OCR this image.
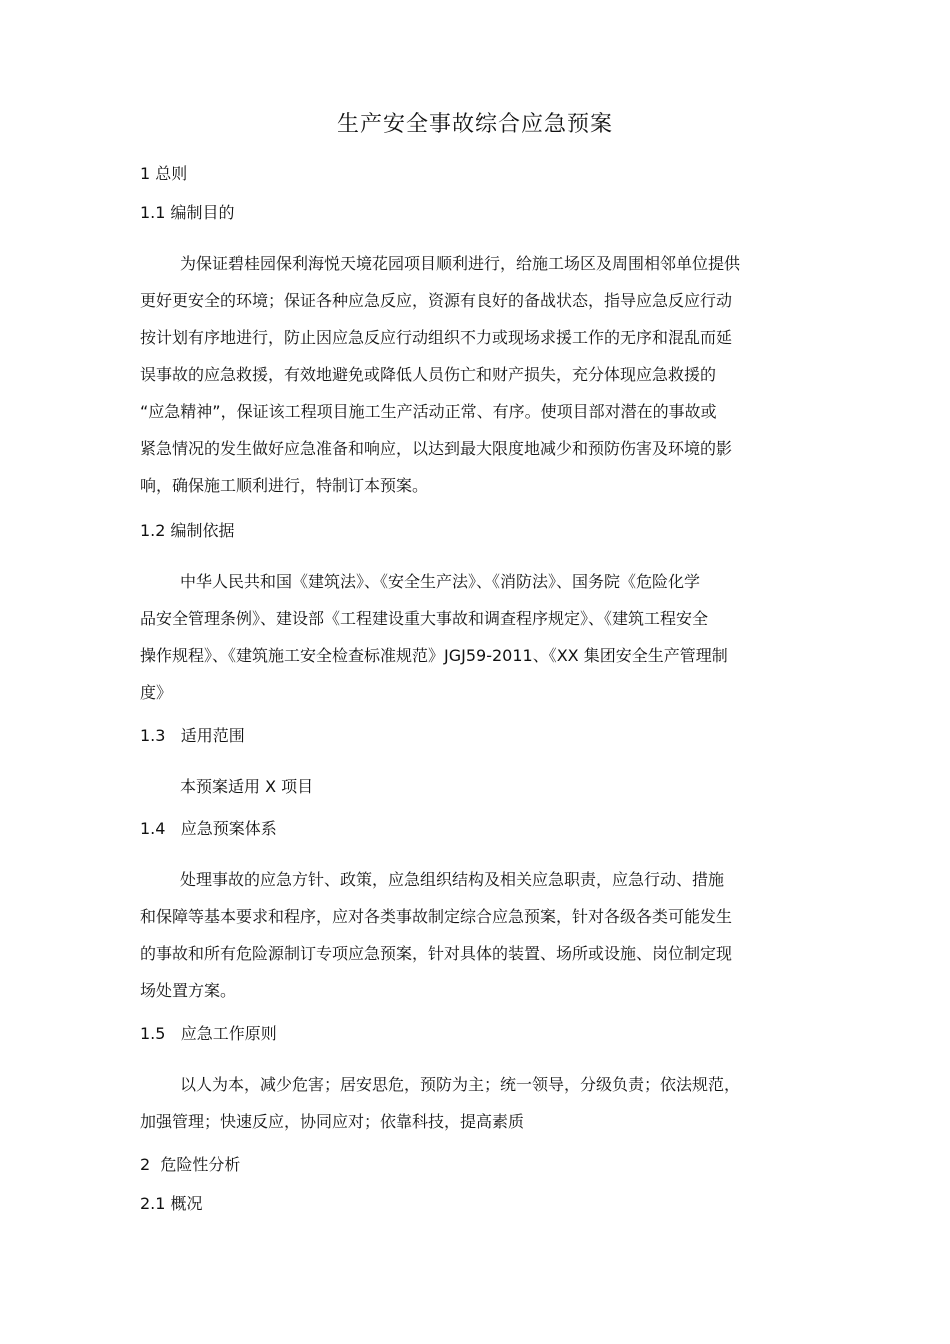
生产安全事故综合应急预案
1 总则
1.1 编制目的
为保证碧桂园保利海悦天境花园项目顺利进行，给施工场区及周围相邻单位提供
更好更安全的环境；保证各种应急反应，资源有良好的备战状态，指导应急反应行动
按计划有序地进行，防止因应急反应行动组织不力或现场求援工作的无序和混乱而延
误事故的应急救援，有效地避免或降低人员伤亡和财产损失，充分体现应急救援的
“应急精神”，保证该工程项目施工生产活动正常、有序。使项目部对潜在的事故或
紧急情况的发生做好应急准备和响应，以达到最大限度地减少和预防伤害及环境的影
响，确保施工顺利进行，特制订本预案。
1.2 编制依据
中华人民共和国《建筑法》、《安全生产法》、《消防法》、国务院《危险化学
品安全管理条例》、建设部《工程建设重大事故和调查程序规定》、《建筑工程安全
操作规程》、《建筑施工安全检查标准规范》JGJ59-2011、《XX 集团安全生产管理制
度》
1.3   适用范围
本预案适用 X 项目
1.4   应急预案体系
处理事故的应急方针、政策，应急组织结构及相关应急职责，应急行动、措施
和保障等基本要求和程序，应对各类事故制定综合应急预案，针对各级各类可能发生
的事故和所有危险源制订专项应急预案，针对具体的装置、场所或设施、岗位制定现
场处置方案。
1.5   应急工作原则
以人为本，减少危害；居安思危，预防为主；统一领导，分级负责；依法规范，
加强管理；快速反应，协同应对；依靠科技，提高素质
2  危险性分析
2.1 概况
